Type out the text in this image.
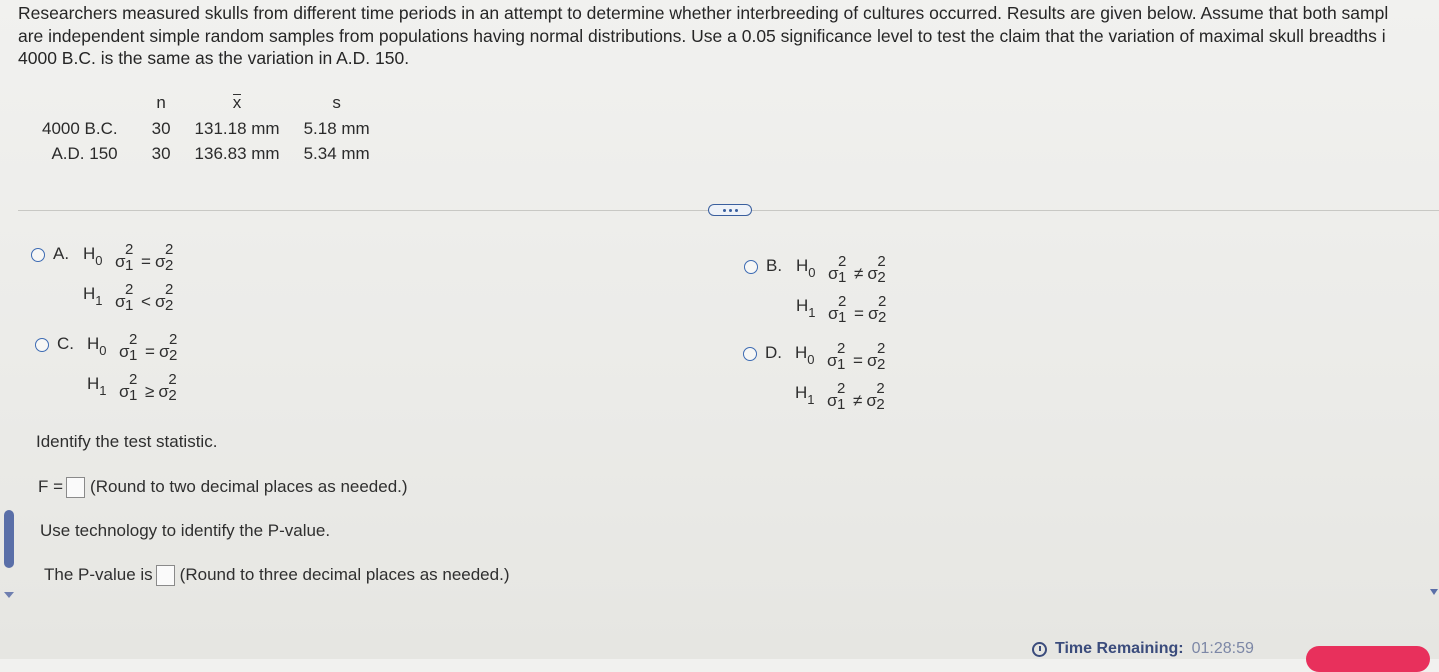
Researchers measured skulls from different time periods in an attempt to determine whether interbreeding of cultures occurred. Results are given below. Assume that both sampl
are independent simple random samples from populations having normal distributions. Use a 0.05 significance level to test the claim that the variation of maximal skull breadths i
4000 B.C. is the same as the variation in A.D. 150.
	n	x	s
4000 B.C.	30	131.18 mm	5.18 mm
A.D. 150	30	136.83 mm	5.34 mm
A. $H_0$ σ
2
1 = σ
2
2
$H_1$ σ
2
1 < σ
2
2
C. $H_0$ σ
2
1 = σ
2
2
$H_1$ σ
2
1 ≥ σ
2
2
B. $H_0$ σ
2
1 ≠ σ
2
2
$H_1$ σ
2
1 = σ
2
2
D. $H_0$ σ
2
1 = σ
2
2
$H_1$ σ
2
1 ≠ σ
2
2
Identify the test statistic.
F = (Round to two decimal places as needed.)
Use technology to identify the P-value.
The P-value is (Round to three decimal places as needed.)
Time Remaining: 01:28:59
